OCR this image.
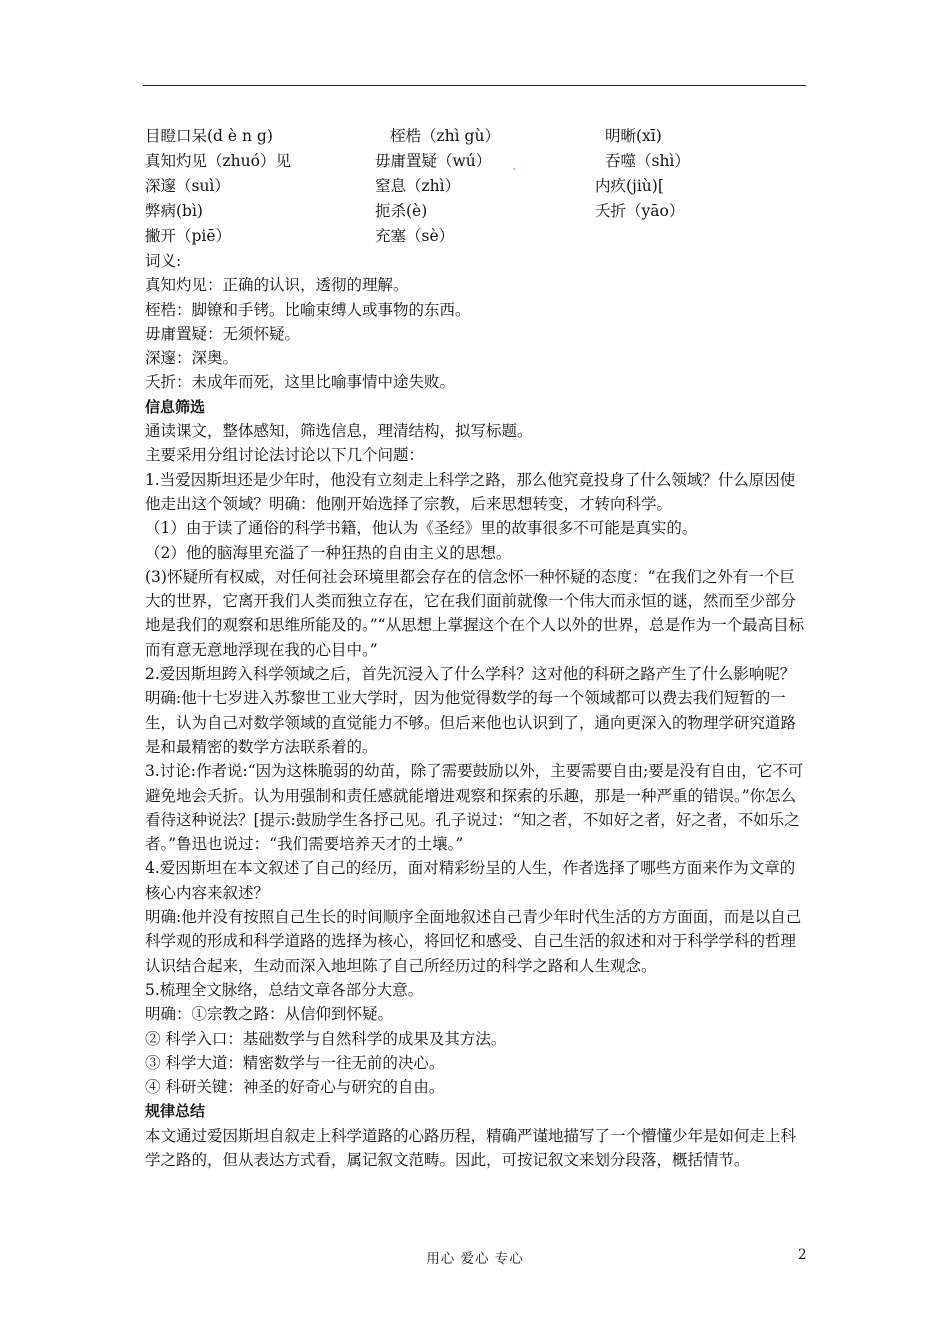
目瞪口呆(d è n g)	桎梏（zhì gù）	明晰(xī)
真知灼见（zhuó）见	毋庸置疑（wú）	吞噬（shì）
深邃（suì）	窒息（zhì）	内疚(jiù)[
弊病(bì)	扼杀(è)	夭折（yāo）
撇开（piē）	充塞（sè）
.

词义:

真知灼见：正确的认识，透彻的理解。

桎梏：脚镣和手铐。比喻束缚人或事物的东西。

毋庸置疑：无须怀疑。

深邃：深奥。

夭折：未成年而死，这里比喻事情中途失败。

信息筛选

通读课文，整体感知，筛选信息，理清结构，拟写标题。

主要采用分组讨论法讨论以下几个问题：

1.当爱因斯坦还是少年时，他没有立刻走上科学之路，那么他究竟投身了什么领域？什么原因使他走出这个领域？明确：他刚开始选择了宗教，后来思想转变，才转向科学。

（1）由于读了通俗的科学书籍，他认为《圣经》里的故事很多不可能是真实的。

（2）他的脑海里充溢了一种狂热的自由主义的思想。

(3)怀疑所有权威，对任何社会环境里都会存在的信念怀一种怀疑的态度：“在我们之外有一个巨大的世界，它离开我们人类而独立存在，它在我们面前就像一个伟大而永恒的谜，然而至少部分地是我们的观察和思维所能及的。”“从思想上掌握这个在个人以外的世界，总是作为一个最高目标而有意无意地浮现在我的心目中。”

2.爱因斯坦跨入科学领域之后，首先沉浸入了什么学科？这对他的科研之路产生了什么影响呢？

明确:他十七岁进入苏黎世工业大学时，因为他觉得数学的每一个领域都可以费去我们短暂的一生，认为自己对数学领域的直觉能力不够。但后来他也认识到了，通向更深入的物理学研究道路是和最精密的数学方法联系着的。

3.讨论:作者说:“因为这株脆弱的幼苗，除了需要鼓励以外，主要需要自由;要是没有自由，它不可避免地会夭折。认为用强制和责任感就能增进观察和探索的乐趣，那是一种严重的错误。”你怎么看待这种说法？[提示:鼓励学生各抒己见。孔子说过：“知之者，不如好之者，好之者，不如乐之者。”鲁迅也说过：“我们需要培养天才的土壤。”

4.爱因斯坦在本文叙述了自己的经历，面对精彩纷呈的人生，作者选择了哪些方面来作为文章的核心内容来叙述？

明确:他并没有按照自己生长的时间顺序全面地叙述自己青少年时代生活的方方面面，而是以自己科学观的形成和科学道路的选择为核心，将回忆和感受、自己生活的叙述和对于科学学科的哲理认识结合起来，生动而深入地坦陈了自己所经历过的科学之路和人生观念。

5.梳理全文脉络，总结文章各部分大意。

明确：①宗教之路：从信仰到怀疑。

② 科学入口：基础数学与自然科学的成果及其方法。

③ 科学大道：精密数学与一往无前的决心。

④ 科研关键：神圣的好奇心与研究的自由。

规律总结

本文通过爱因斯坦自叙走上科学道路的心路历程，精确严谨地描写了一个懵懂少年是如何走上科学之路的，但从表达方式看，属记叙文范畴。因此，可按记叙文来划分段落，概括情节。

用心 爱心 专心	2
